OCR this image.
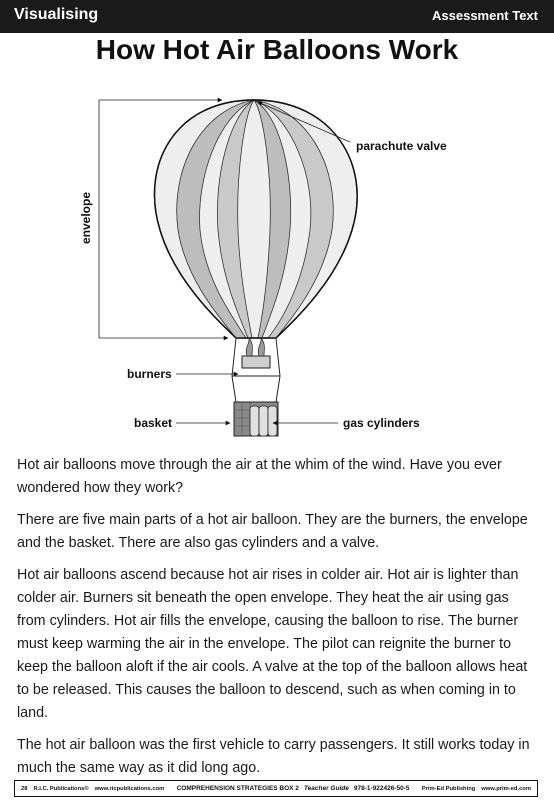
Visualising	Assessment Text
How Hot Air Balloons Work
envelope
parachute valve
burners
basket	gas cylinders

Hot air balloons move through the air at the whim of the wind. Have you ever wondered how they work?

There are five main parts of a hot air balloon. They are the burners, the envelope and the basket. There are also gas cylinders and a valve.

Hot air balloons ascend because hot air rises in colder air. Hot air is lighter than colder air. Burners sit beneath the open envelope. They heat the air using gas from cylinders. Hot air fills the envelope, causing the balloon to rise. The burner must keep warming the air in the envelope. The pilot can reignite the burner to keep the balloon aloft if the air cools. A valve at the top of the balloon allows heat to be released. This causes the balloon to descend, such as when coming in to land.

The hot air balloon was the first vehicle to carry passengers. It still works today in much the same way as it did long ago.

28 R.I.C. Publications® www.ricpublications.com COMPREHENSION STRATEGIES BOX 2 Teacher Guide 978-1-922426-50-5 Prim-Ed Publishing www.prim-ed.com
